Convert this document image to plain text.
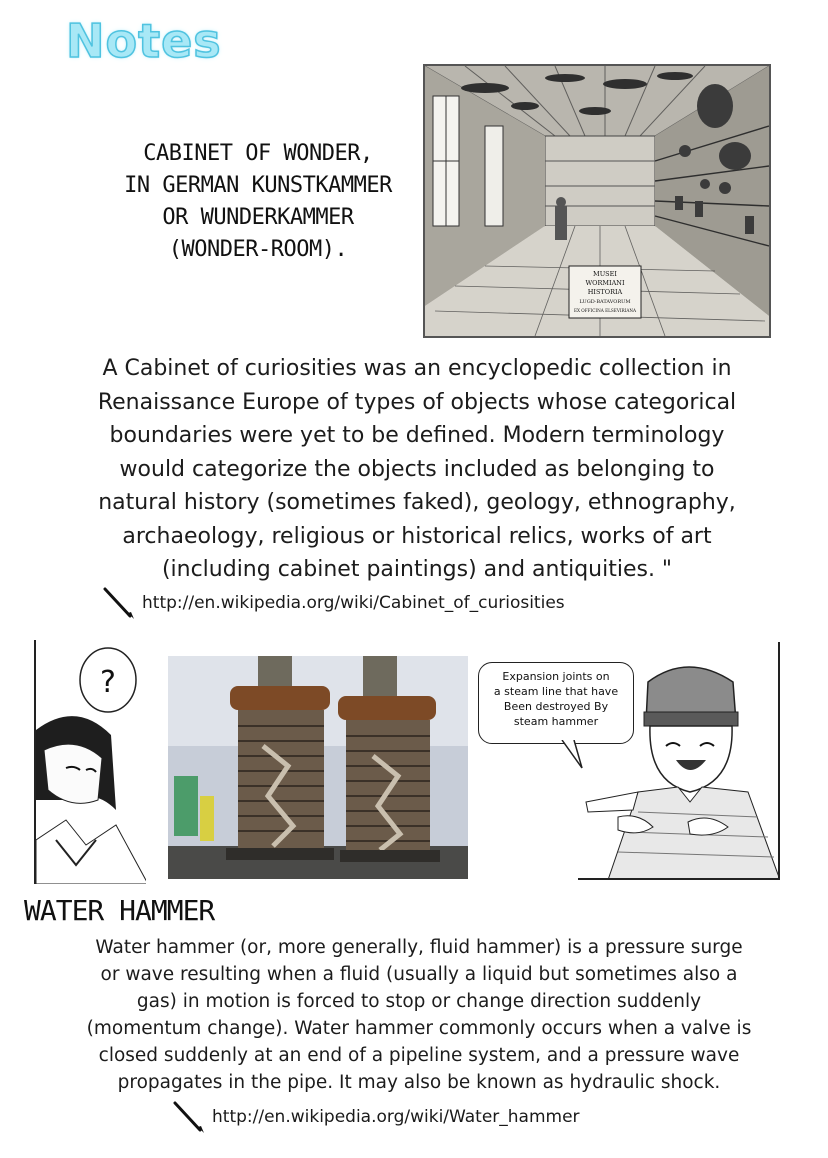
Notes
CABINET OF WONDER,
IN GERMAN KUNSTKAMMER
OR WUNDERKAMMER
(WONDER-ROOM).
MUSEI
WORMIANI
HISTORIA
LUGD·BATAVORUM
EX OFFICINA ELSEVIRIANA
A Cabinet of curiosities was an encyclopedic collection in
Renaissance Europe of types of objects whose categorical
boundaries were yet to be defined. Modern terminology
would categorize the objects included as belonging to
natural history (sometimes faked), geology, ethnography,
archaeology, religious or historical relics, works of art
(including cabinet paintings) and antiquities. "
http://en.wikipedia.org/wiki/Cabinet_of_curiosities
?	Expansion joints on
a steam line that have
Been destroyed By
steam hammer
WATER HAMMER
Water hammer (or, more generally, fluid hammer) is a pressure surge
or wave resulting when a fluid (usually a liquid but sometimes also a
gas) in motion is forced to stop or change direction suddenly
(momentum change). Water hammer commonly occurs when a valve is
closed suddenly at an end of a pipeline system, and a pressure wave
propagates in the pipe. It may also be known as hydraulic shock.
http://en.wikipedia.org/wiki/Water_hammer
